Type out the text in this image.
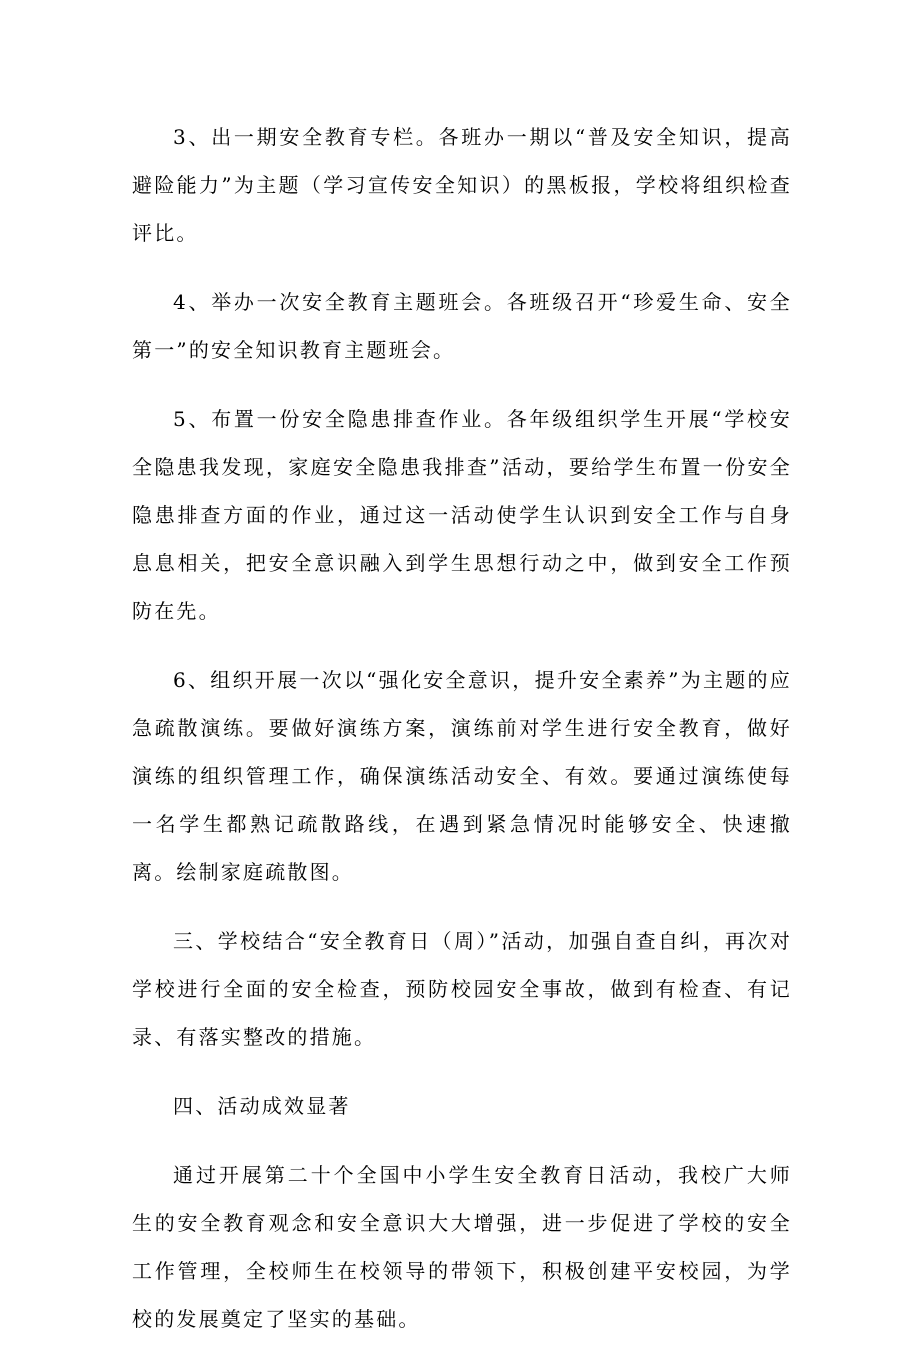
3、出一期安全教育专栏。各班办一期以“普及安全知识，提高避险能力”为主题（学习宣传安全知识）的黑板报，学校将组织检查评比。

4、举办一次安全教育主题班会。各班级召开“珍爱生命、安全第一”的安全知识教育主题班会。

5、布置一份安全隐患排查作业。各年级组织学生开展“学校安全隐患我发现，家庭安全隐患我排查”活动，要给学生布置一份安全隐患排查方面的作业，通过这一活动使学生认识到安全工作与自身息息相关，把安全意识融入到学生思想行动之中，做到安全工作预防在先。

6、组织开展一次以“强化安全意识，提升安全素养”为主题的应急疏散演练。要做好演练方案，演练前对学生进行安全教育，做好演练的组织管理工作，确保演练活动安全、有效。要通过演练使每一名学生都熟记疏散路线，在遇到紧急情况时能够安全、快速撤离。绘制家庭疏散图。

三、学校结合“安全教育日（周）”活动，加强自查自纠，再次对学校进行全面的安全检查，预防校园安全事故，做到有检查、有记录、有落实整改的措施。

四、活动成效显著

通过开展第二十个全国中小学生安全教育日活动，我校广大师生的安全教育观念和安全意识大大增强，进一步促进了学校的安全工作管理，全校师生在校领导的带领下，积极创建平安校园，为学校的发展奠定了坚实的基础。
